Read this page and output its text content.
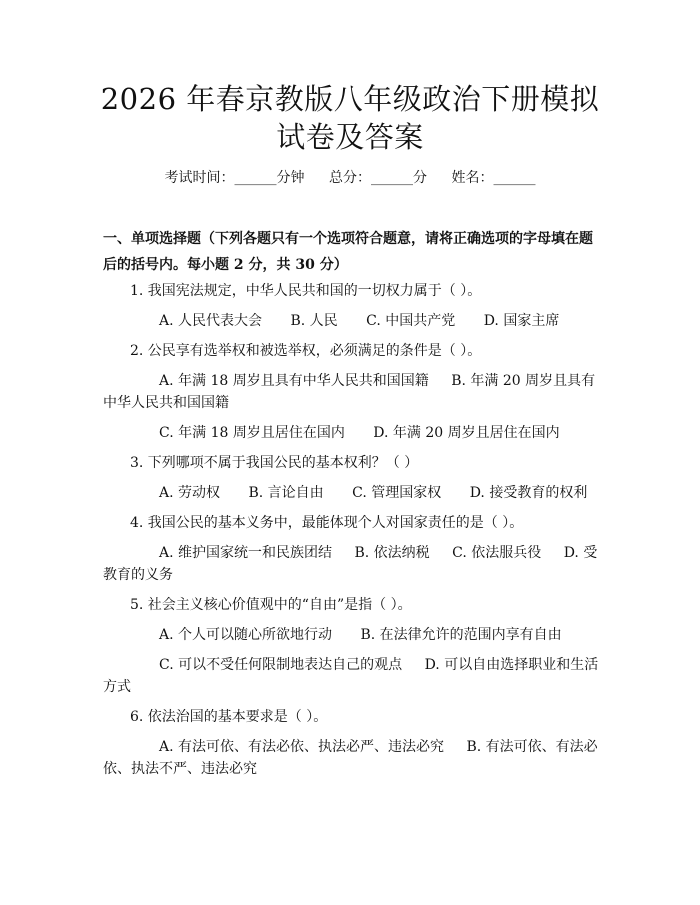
2026 年春京教版八年级政治下册模拟试卷及答案
考试时间：______分钟 总分：______分 姓名：______
一、单项选择题（下列各题只有一个选项符合题意，请将正确选项的字母填在题后的括号内。每小题 2 分，共 30 分）
1. 我国宪法规定，中华人民共和国的一切权力属于（ ）。
A. 人民代表大会 B. 人民 C. 中国共产党 D. 国家主席
2. 公民享有选举权和被选举权，必须满足的条件是（ ）。
A. 年满 18 周岁且具有中华人民共和国国籍 B. 年满 20 周岁且具有中华人民共和国国籍
C. 年满 18 周岁且居住在国内 D. 年满 20 周岁且居住在国内
3. 下列哪项不属于我国公民的基本权利？（ ）
A. 劳动权 B. 言论自由 C. 管理国家权 D. 接受教育的权利
4. 我国公民的基本义务中，最能体现个人对国家责任的是（ ）。
A. 维护国家统一和民族团结 B. 依法纳税 C. 依法服兵役 D. 受教育的义务
5. 社会主义核心价值观中的“自由”是指（ ）。
A. 个人可以随心所欲地行动 B. 在法律允许的范围内享有自由
C. 可以不受任何限制地表达自己的观点 D. 可以自由选择职业和生活方式
6. 依法治国的基本要求是（ ）。
A. 有法可依、有法必依、执法必严、违法必究 B. 有法可依、有法必依、执法不严、违法必究
